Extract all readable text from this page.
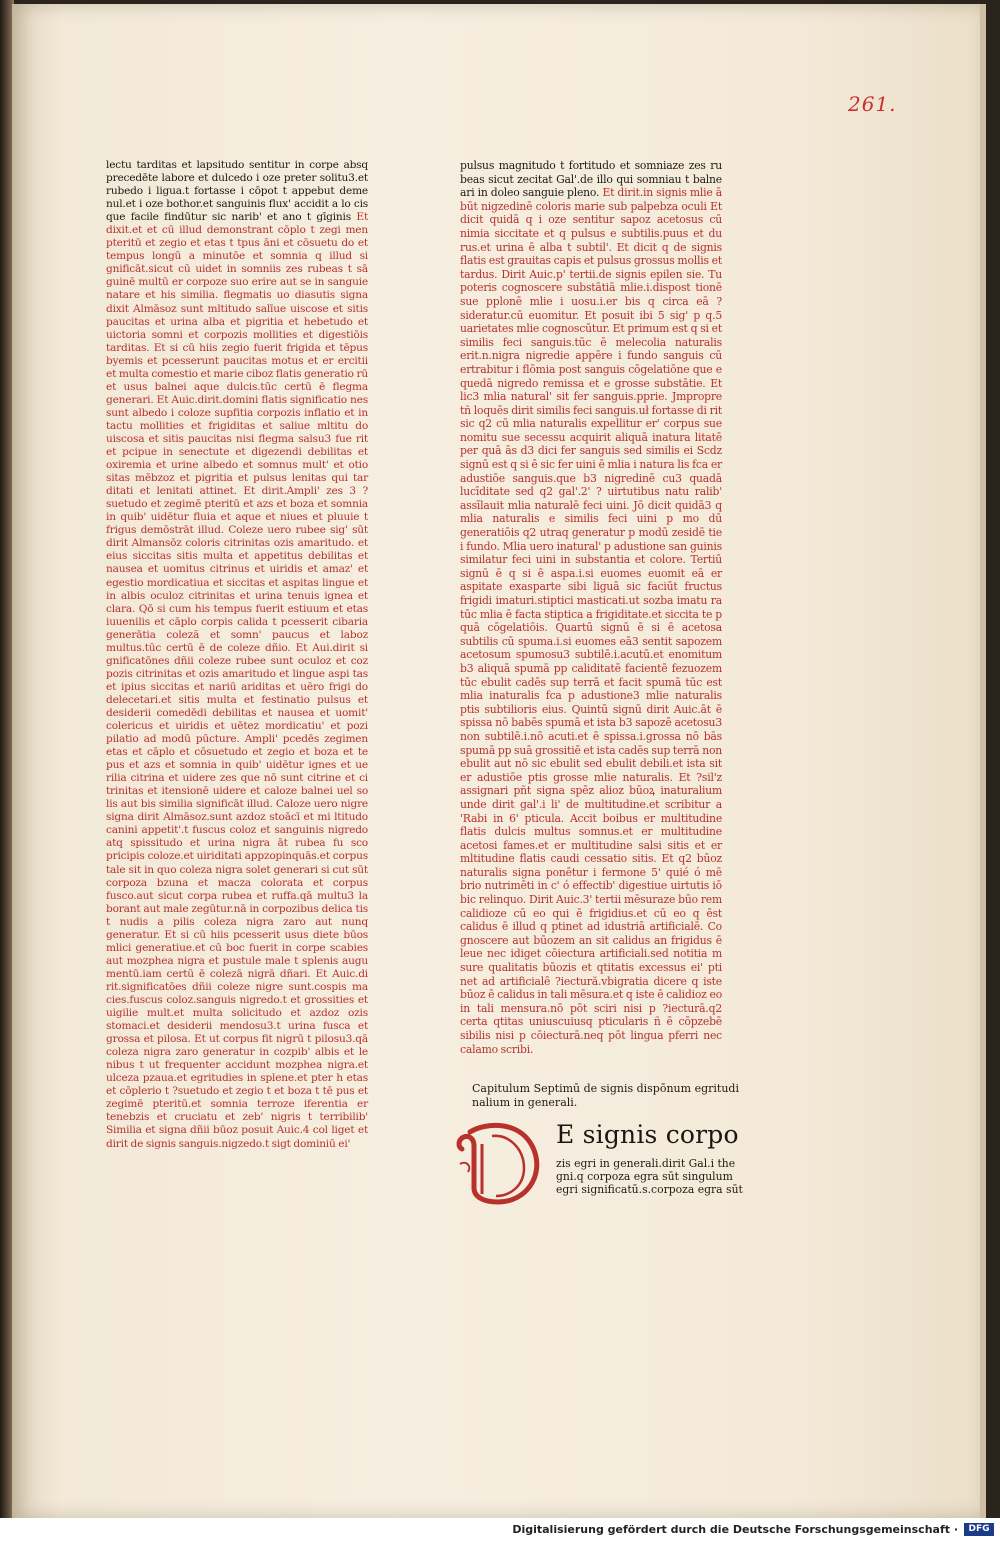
261.

lectu tarditas et lapsitudo sentitur in corpe absq precedēte labore et dulcedo i oze preter solitu3.et rubedo i ligua.t fortasse i cōpot t appebut deme nul.et i oze bothor.et sanguinis flux' accidit a lo cis que facile findūtur sic narib' et ano t gīginis Et dixit.et et cū illud demonstrant cōplo t zegi men pteritū et zegio et etas t tpus āni et cōsuetu do et tempus longū a minutōe et somnia q illud si gnificāt.sicut cū uidet in somniis zes rubeas t sā guinē multū er corpoze suo erire aut se in sanguie natare et his similia. flegmatis uo diasutis signa dixit Almāsoz sunt mltitudo salīue uiscose et sitis paucitas et urina alba et pigritia et hebetudo et uictoria somni et corpozis mollities et digestiōis tarditas. Et si cū hiis zegio fuerit frigida et tēpus byemis et pcesserunt paucitas motus et er ercitii et multa comestio et marie ciboz flatis generatio rū et usus balnei aque dulcis.tūc certū ē flegma generari. Et Auic.dirit.domini flatis significatio nes sunt albedo i coloze supfitia corpozis inflatio et in tactu mollities et frigiditas et saliue mltitu do uiscosa et sitis paucitas nisi flegma salsu3 fue rit et pcipue in senectute et digezendi debilitas et oxiremia et urine albedo et somnus mult' et otio sitas mēbzoz et pigritia et pulsus lenitas qui tar ditati et lenitati attinet. Et dirit.Ampli' zes 3 ? suetudo et zegimē pteritū et azs et boza et somnia in quib' uidētur fluia et aque et niues et pluuie t frigus demōstrāt illud. Coleze uero rubee sig' sūt dirit Almansōz coloris citrinitas ozis amaritudo. et eius siccitas sitis multa et appetitus debilitas et nausea et uomitus citrinus et uiridis et amaz' et egestio mordicatiua et siccitas et aspitas lingue et in albis oculoz citrinitas et urina tenuis ignea et clara. Qō si cum his tempus fuerit estiuum et etas iuuenilis et cāplo corpis calida t pcesserit cibaria generātia coleză et somn' paucus et laboz multus.tūc certū ē de coleze dñio. Et Aui.dirit si gnificatōnes dñii coleze rubee sunt oculoz et coz pozis citrinitas et ozis amaritudo et lingue aspi tas et ipius siccitas et nariū ariditas et uēro frigi do delecetari.et sitis multa et festinatio pulsus et desiderii comedēdi debilitas et nausea et uomit' colericus et uiridis et uētez mordicatiu' et pozi pilatio ad modū pūcture. Ampli' pcedēs zegimen etas et cāplo et cōsuetudo et zegio et boza et te pus et azs et somnia in quib' uidētur ignes et ue rilia citrina et uidere zes que nō sunt citrine et ci trinitas et itensionē uidere et caloze balnei uel so lis aut bis similia significāt illud. Caloze uero nigre signa dirit Almāsoz.sunt azdoz stoācī et mi ltitudo canini appetit'.t fuscus coloz et sanguinis nigredo atq spissitudo et urina nigra āt rubea fu sco pricipis coloze.et uiriditati appzopinquās.et corpus tale sit in quo coleza nigra solet generari si cut sūt corpoza bzuna et macza colorata et corpus fusco.aut sicut corpa rubea et ruffa.qā multu3 la borant aut male zegūtur.nā in corpozibus delica tis t nudis a pilis coleza nigra zaro aut nunq generatur. Et si cū hiis pcesserit usus diete būos mlici generatiue.et cū boc fuerit in corpe scabies aut mozphea nigra et pustule male t splenis augu mentū.iam certū ē colezā nigrā dñari. Et Auic.di rit.significatōes dñii coleze nigre sunt.cospis ma cies.fuscus coloz.sanguis nigredo.t et grossities et uigilie mult.et multa solicitudo et azdoz ozis stomaci.et desiderii mendosu3.t urina fusca et grossa et pilosa. Et ut corpus fit nigrū t pilosu3.qā coleza nigra zaro generatur in cozpib' albis et le nibus t ut frequenter accidunt mozphea nigra.et ulceza pzaua.et egritudies in splene.et pter h etas et cōplerio t ?suetudo et zegio t et boza t tē pus et zegimē pteritū.et somnia terroze iferentia er tenebzis et cruciatu et zeb' nigris t terribilib' Similia et signa dñii būoz posuit Auic.4 col liget et dirit de signis sanguis.nigzedo.t sigt dominiū ei'

pulsus magnitudo t fortitudo et somniaze zes ru beas sicut zecitat Gal'.de illo qui somniau t balne ari in doleo sanguie pleno. Et dirit.in signis mlie ā būt nigzedinē coloris marie sub palpebza oculi Et dicit quidā q i oze sentitur sapoz acetosus cū nimia siccitate et q pulsus e subtilis.puus et du rus.et urina ē alba t subtil'. Et dicit q de signis flatis est grauitas capis et pulsus grossus mollis et tardus. Dirit Auic.p' tertii.de signis epilen sie. Tu poteris cognoscere substātiā mlie.i.dispost tionē sue pplonē mlie i uosu.i.er bis q circa eā ?sideratur.cū euomitur. Et posuit ibi 5 sig' p q.5 uarietates mlie cognoscūtur. Et primum est q si et similis feci sanguis.tūc ē melecolia naturalis erit.n.nigra nigredie appēre i fundo sanguis cū ertrabitur i flōmia post sanguis cōgelatiōne que e quedā nigredo remissa et e grosse substātie. Et lic3 mlia natural' sit fer sanguis.pprie. Jmpropre tñ loquēs dirit similis feci sanguis.uł fortasse di rit sic q2 cū mlia naturalis expellitur er' corpus sue nomitu sue secessu acquirit aliquā inatura litatē per quā ās d3 dici fer sanguis sed similis ei Scdz signū est q si ē sic fer uini ē mlia i natura lis fca er adustiōe sanguis.que b3 nigredinē cu3 quadā lucīditate sed q2 gal'.2' ? uirtutibus natu ralib' assīlauit mlia naturalē feci uini. Jō dicit quidā3 q mlia naturalis e similis feci uini p mo dū generatiōis q2 utraq generatur p modū zesidē tie i fundo. Mlia uero inatural' p adustione san guinis similatur feci uini in substantia et colore. Tertiū signū ē q si ē aspa.i.si euomes euomit eā er aspitate exasparte sibi liguā sic faciūt fructus frigidi imaturi.stiptici masticati.ut sozba imatu ra tūc mlia ē facta stiptica a frigiditate.et siccita te p quā cōgelatiōis. Quartū signū ē si ē acetosa subtilis cū spuma.i.si euomes eā3 sentit sapozem acetosum spumosu3 subtilē.i.acutū.et enomitum b3 aliquā spumā pp caliditatē facientē fezuozem tūc ebulit cadēs sup terrā et facit spumā tūc est mlia inaturalis fca p adustione3 mlie naturalis ptis subtilioris eius. Quintū signū dirit Auic.āt ē spissa nō babēs spumā et ista b3 sapozē acetosu3 non subtilē.i.nō acuti.et ē spissa.i.grossa nō bās spumā pp suā grossitiē et ista cadēs sup terrā non ebulit aut nō sic ebulit sed ebulit debili.et ista sit er adustiōe ptis grosse mlie naturalis. Et ?sil'z assignari pñt signa spēz alioz būoꝝ inaturalium unde dirit gal'.i li' de multitudine.et scribitur a 'Rabi in 6' pticula. Accit boibus er multitudine flatis dulcis multus somnus.et er multitudine acetosi fames.et er multitudine salsi sitis et er mltitudine flatis caudi cessatio sitis. Et q2 būoz naturalis signa ponētur i fermone 5' quié ó mē brio nutrimēti in c' ó effectib' digestiue uirtutis iō bic relinquo. Dirit Auic.3' tertii mēsuraze būo rem calidioze cū eo qui ē frigidius.et cū eo q ēst calidus ē illud q ptinet ad idustriā artificialē. Co gnoscere aut būozem an sit calidus an frigidus ē leue nec idiget cōiectura artificiali.sed notitia m sure qualitatis būozis et qtitatis excessus ei' pti net ad artificialē ?iectură.vbigratia dicere q iste būoz ē calidus in tali mēsura.et q iste ē calidioz eo in tali mensura.nō pōt sciri nisi p ?iecturā.q2 certa qtitas uniuscuiusq pticularis ñ ē cōpzebē sibilis nisi p cōiecturā.neq pōt lingua pferri nec calamo scribi.

Capitulum Septimū de signis dispōnum egritudi nalium in generali.
E signis corpo
zis egri in generali.dirit Gal.i the
gni.q corpoza egra sūt singulum
egri significatū.s.corpoza egra sūt
Digitalisierung gefördert durch die Deutsche Forschungsgemeinschaft ·	DFG
